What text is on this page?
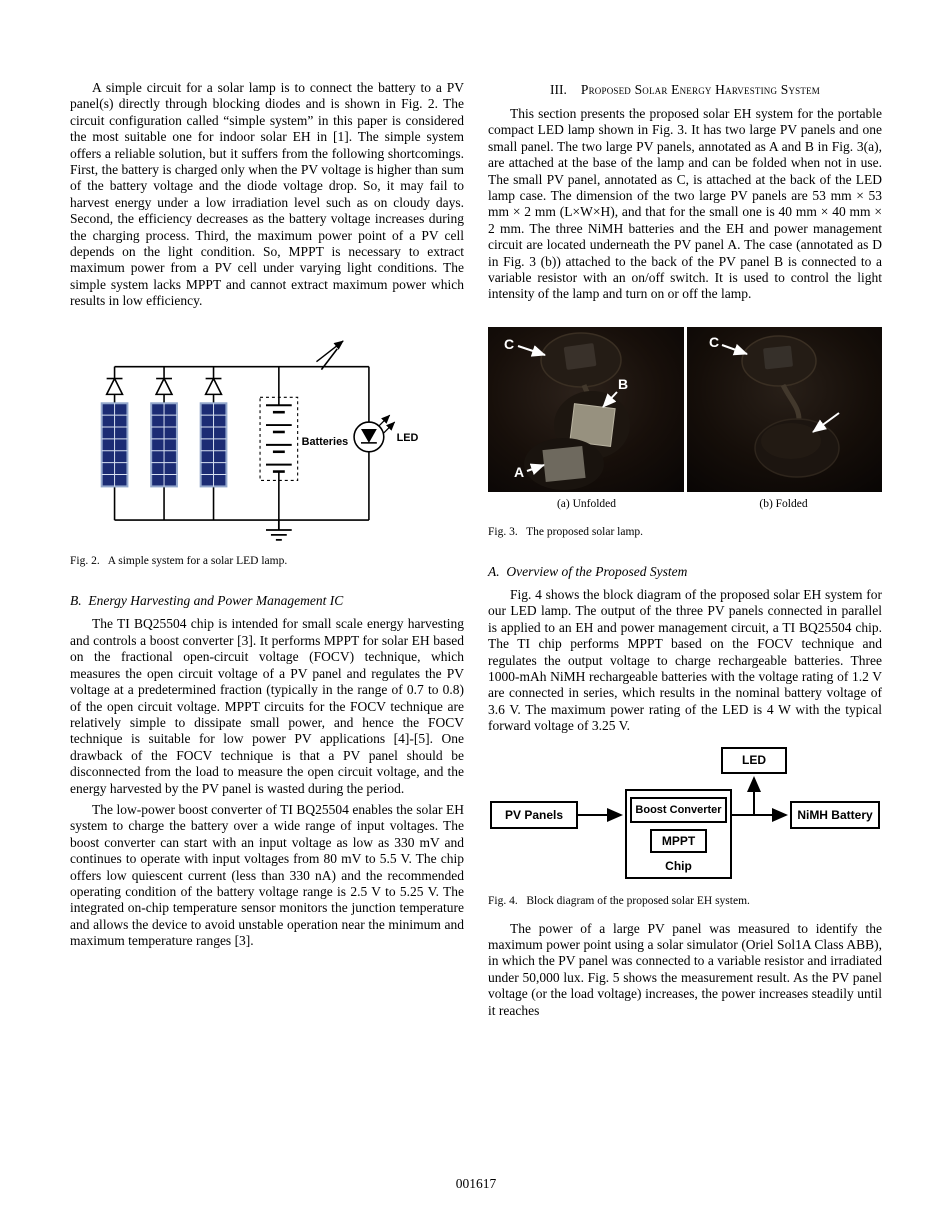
A simple circuit for a solar lamp is to connect the battery to a PV panel(s) directly through blocking diodes and is shown in Fig. 2. The circuit configuration called “simple system” in this paper is considered the most suitable one for indoor solar EH in [1]. The simple system offers a reliable solution, but it suffers from the following shortcomings. First, the battery is charged only when the PV voltage is higher than sum of the battery voltage and the diode voltage drop. So, it may fail to harvest energy under a low irradiation level such as on cloudy days. Second, the efficiency decreases as the battery voltage increases during the charging process. Third, the maximum power point of a PV cell depends on the light condition. So, MPPT is necessary to extract maximum power from a PV cell under varying light conditions. The simple system lacks MPPT and cannot extract maximum power which results in low efficiency.

Batteries	LED
Fig. 2.   A simple system for a solar LED lamp.
B.  Energy Harvesting and Power Management IC

The TI BQ25504 chip is intended for small scale energy harvesting and controls a boost converter [3]. It performs MPPT for solar EH based on the fractional open-circuit voltage (FOCV) technique, which measures the open circuit voltage of a PV panel and regulates the PV voltage at a predetermined fraction (typically in the range of 0.7 to 0.8) of the open circuit voltage. MPPT circuits for the FOCV technique are relatively simple to dissipate small power, and hence the FOCV technique is suitable for low power PV applications [4]-[5]. One drawback of the FOCV technique is that a PV panel should be disconnected from the load to measure the open circuit voltage, and the energy harvested by the PV panel is wasted during the period.

The low-power boost converter of TI BQ25504 enables the solar EH system to charge the battery over a wide range of input voltages. The boost converter can start with an input voltage as low as 330 mV and continues to operate with input voltages from 80 mV to 5.5 V. The chip offers low quiescent current (less than 330 nA) and the recommended operating condition of the battery voltage range is 2.5 V to 5.25 V. The integrated on-chip temperature sensor monitors the junction temperature and allows the device to avoid unstable operation near the minimum and maximum temperature ranges [3].

III. Proposed Solar Energy Harvesting System

This section presents the proposed solar EH system for the portable compact LED lamp shown in Fig. 3. It has two large PV panels and one small panel. The two large PV panels, annotated as A and B in Fig. 3(a), are attached at the base of the lamp and can be folded when not in use. The small PV panel, annotated as C, is attached at the back of the LED lamp case. The dimension of the two large PV panels are 53 mm × 53 mm × 2 mm (L×W×H), and that for the small one is 40 mm × 40 mm × 2 mm. The three NiMH batteries and the EH and power management circuit are located underneath the PV panel A. The case (annotated as D in Fig. 3 (b)) attached to the back of the PV panel B is connected to a variable resistor with an on/off switch. It is used to control the light intensity of the lamp and turn on or off the lamp.

C
B
A
C
(a) Unfolded	(b) Folded
Fig. 3.   The proposed solar lamp.
A.  Overview of the Proposed System

Fig. 4 shows the block diagram of the proposed solar EH system for our LED lamp. The output of the three PV panels connected in parallel is applied to an EH and power management circuit, a TI BQ25504 chip. The TI chip performs MPPT based on the FOCV technique and regulates the output voltage to charge rechargeable batteries. Three 1000-mAh NiMH rechargeable batteries with the voltage rating of 1.2 V are connected in series, which results in the nominal battery voltage of 3.6 V. The maximum power rating of the LED is 4 W with the typical forward voltage of 3.25 V.

LED
PV Panels	Boost Converter
MPPT
Chip
NiMH Battery
Fig. 4.   Block diagram of the proposed solar EH system.

The power of a large PV panel was measured to identify the maximum power point using a solar simulator (Oriel Sol1A Class ABB), in which the PV panel was connected to a variable resistor and irradiated under 50,000 lux. Fig. 5 shows the measurement result. As the PV panel voltage (or the load voltage) increases, the power increases steadily until it reaches

001617
